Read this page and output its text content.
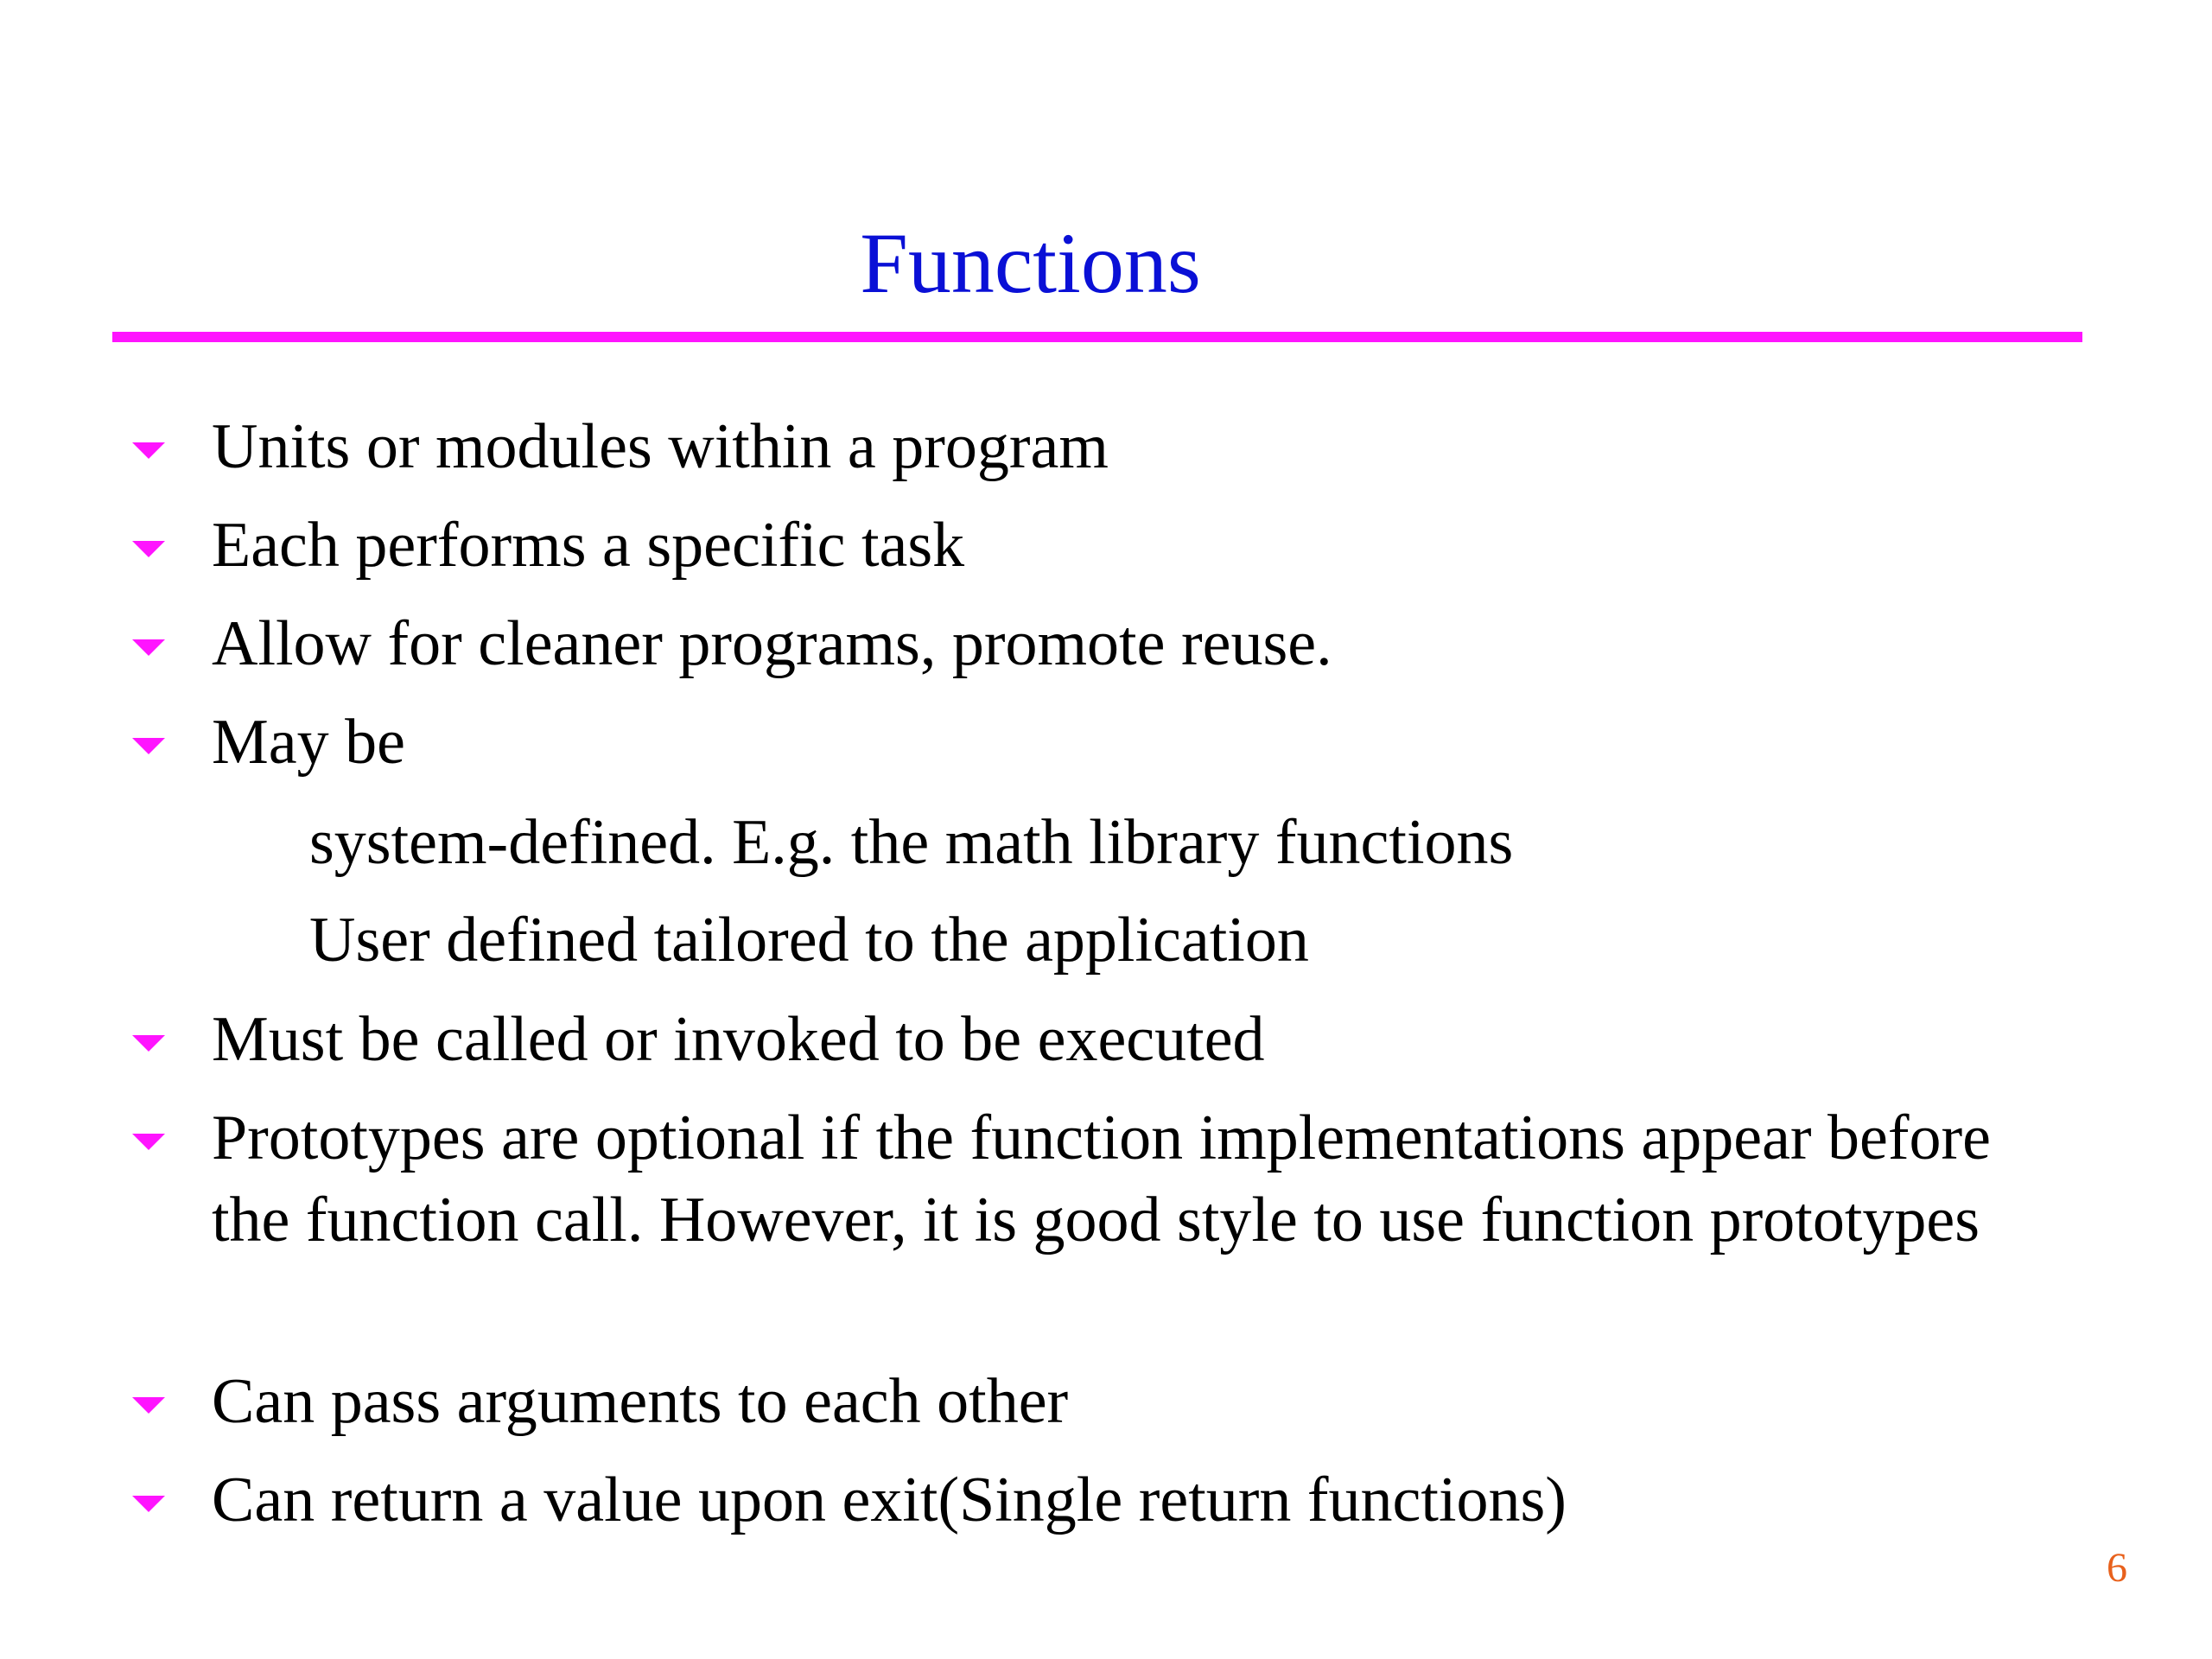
Functions
Units or modules within a program
Each performs a specific task
Allow for cleaner programs, promote reuse.
May be
system-defined. E.g. the math library functions
User defined tailored to the application
Must be called or invoked to be executed
Prototypes are optional if the function implementations appear before the function call. However, it is good style to use function prototypes
Can pass arguments to each other
Can return a value upon exit(Single return functions)
6
